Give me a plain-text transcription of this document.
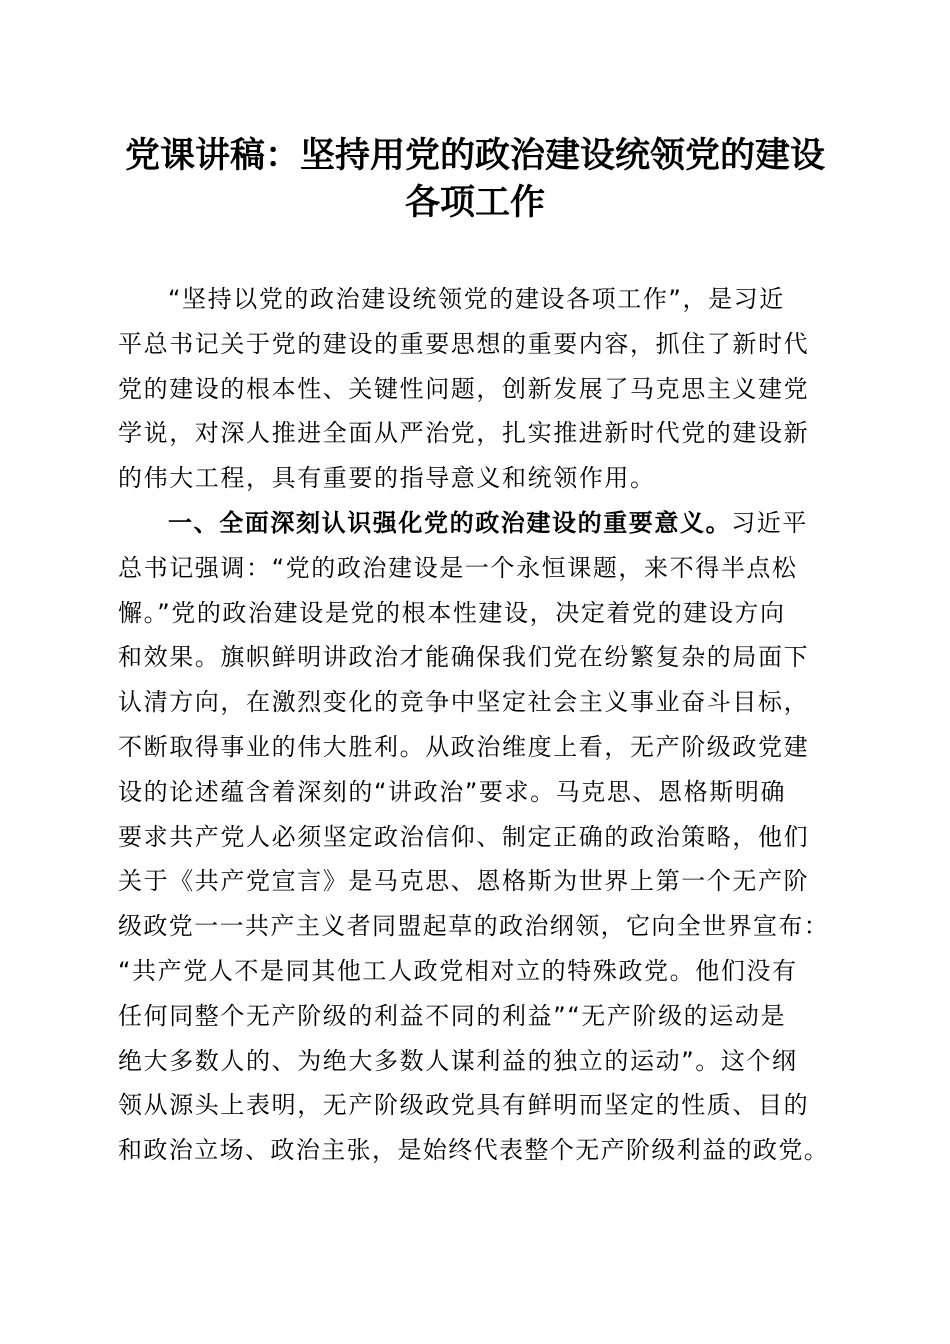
党课讲稿：坚持用党的政治建设统领党的建设
各项工作
“坚持以党的政治建设统领党的建设各项工作”，是习近
平总书记关于党的建设的重要思想的重要内容，抓住了新时代
党的建设的根本性、关键性问题，创新发展了马克思主义建党
学说，对深人推进全面从严治党，扎实推进新时代党的建设新
的伟大工程，具有重要的指导意义和统领作用。
一、全面深刻认识强化党的政治建设的重要意义。习近平
总书记强调：“党的政治建设是一个永恒课题，来不得半点松
懈。”党的政治建设是党的根本性建设，决定着党的建设方向
和效果。旗帜鲜明讲政治才能确保我们党在纷繁复杂的局面下
认清方向，在激烈变化的竞争中坚定社会主义事业奋斗目标，
不断取得事业的伟大胜利。从政治维度上看，无产阶级政党建
设的论述蕴含着深刻的“讲政治”要求。马克思、恩格斯明确
要求共产党人必须坚定政治信仰、制定正确的政治策略，他们
关于《共产党宣言》是马克思、恩格斯为世界上第一个无产阶
级政党一一共产主义者同盟起草的政治纲领，它向全世界宣布：
“共产党人不是同其他工人政党相对立的特殊政党。他们没有
任何同整个无产阶级的利益不同的利益”“无产阶级的运动是
绝大多数人的、为绝大多数人谋利益的独立的运动”。这个纲
领从源头上表明，无产阶级政党具有鲜明而坚定的性质、目的
和政治立场、政治主张，是始终代表整个无产阶级利益的政党。
